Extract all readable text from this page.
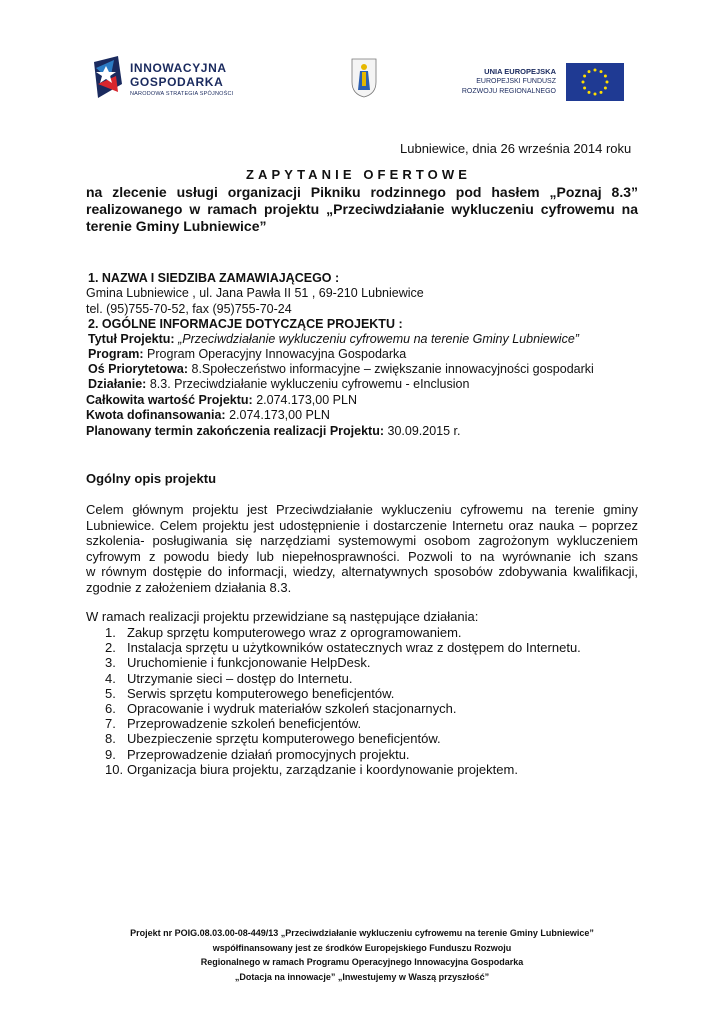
INNOWACYJNA
GOSPODARKA
NARODOWA STRATEGIA SPÓJNOŚCI
UNIA EUROPEJSKA
EUROPEJSKI FUNDUSZ
ROZWOJU REGIONALNEGO
Lubniewice, dnia 26 września 2014 roku
ZAPYTANIE OFERTOWE
na zlecenie usługi organizacji Pikniku rodzinnego pod hasłem „Poznaj 8.3” realizowanego w ramach projektu „Przeciwdziałanie wykluczeniu cyfrowemu na terenie Gminy Lubniewice”
1. NAZWA I SIEDZIBA ZAMAWIAJĄCEGO :
Gmina Lubniewice , ul. Jana Pawła II 51 , 69-210 Lubniewice
tel. (95)755-70-52, fax (95)755-70-24
2. OGÓLNE INFORMACJE DOTYCZĄCE PROJEKTU :
Tytuł Projektu: „Przeciwdziałanie wykluczeniu cyfrowemu na terenie Gminy Lubniewice”
Program: Program Operacyjny Innowacyjna Gospodarka
Oś Priorytetowa: 8.Społeczeństwo informacyjne – zwiększanie innowacyjności gospodarki
Działanie: 8.3. Przeciwdziałanie wykluczeniu cyfrowemu - eInclusion
Całkowita wartość Projektu: 2.074.173,00 PLN
Kwota dofinansowania: 2.074.173,00 PLN
Planowany termin zakończenia realizacji Projektu: 30.09.2015 r.
Ogólny opis projektu
Celem głównym projektu jest Przeciwdziałanie wykluczeniu cyfrowemu na terenie gminy
Lubniewice. Celem projektu jest udostępnienie i dostarczenie Internetu oraz nauka – poprzez
szkolenia- posługiwania się narzędziami systemowymi osobom zagrożonym wykluczeniem
cyfrowym z powodu biedy lub niepełnosprawności. Pozwoli to na wyrównanie ich szans
w równym dostępie do informacji, wiedzy, alternatywnych sposobów zdobywania kwalifikacji,
zgodnie z założeniem działania 8.3.
W ramach realizacji projektu przewidziane są następujące działania:
1. Zakup sprzętu komputerowego wraz z oprogramowaniem.
2. Instalacja sprzętu u użytkowników ostatecznych wraz z dostępem do Internetu.
3. Uruchomienie i funkcjonowanie HelpDesk.
4. Utrzymanie sieci – dostęp do Internetu.
5. Serwis sprzętu komputerowego beneficjentów.
6. Opracowanie i wydruk materiałów szkoleń stacjonarnych.
7. Przeprowadzenie szkoleń beneficjentów.
8. Ubezpieczenie sprzętu komputerowego beneficjentów.
9. Przeprowadzenie działań promocyjnych projektu.
10. Organizacja biura projektu, zarządzanie i koordynowanie projektem.
Projekt nr POIG.08.03.00-08-449/13 „Przeciwdziałanie wykluczeniu cyfrowemu na terenie Gminy Lubniewice”
współfinansowany jest ze środków Europejskiego Funduszu Rozwoju
Regionalnego w ramach Programu Operacyjnego Innowacyjna Gospodarka
„Dotacja na innowacje” „Inwestujemy w Waszą przyszłość”
